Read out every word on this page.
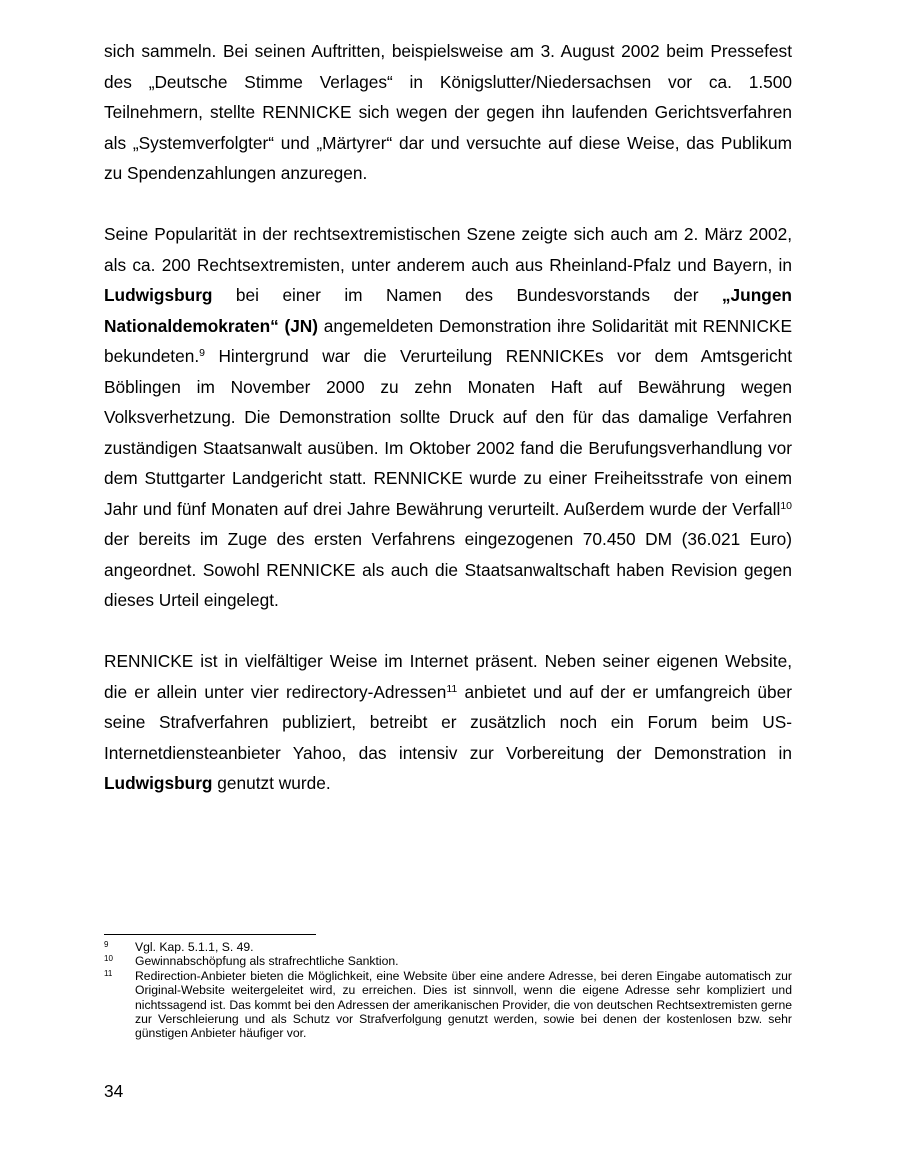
sich sammeln. Bei seinen Auftritten, beispielsweise am 3. August 2002 beim Pressefest des „Deutsche Stimme Verlages“ in Königslutter/Niedersachsen vor ca. 1.500 Teilnehmern, stellte RENNICKE sich wegen der gegen ihn laufenden Gerichtsverfahren als „Systemverfolgter“ und „Märtyrer“ dar und versuchte auf diese Weise, das Publikum zu Spendenzahlungen anzuregen.

Seine Popularität in der rechtsextremistischen Szene zeigte sich auch am 2. März 2002, als ca. 200 Rechtsextremisten, unter anderem auch aus Rheinland-Pfalz und Bayern, in Ludwigsburg bei einer im Namen des Bundesvorstands der „Jungen Nationaldemokraten“ (JN) angemeldeten Demonstration ihre Solidarität mit RENNICKE bekundeten.$^9$ Hintergrund war die Verurteilung RENNICKEs vor dem Amtsgericht Böblingen im November 2000 zu zehn Monaten Haft auf Bewährung wegen Volksverhetzung. Die Demonstration sollte Druck auf den für das damalige Verfahren zuständigen Staatsanwalt ausüben. Im Oktober 2002 fand die Berufungsverhandlung vor dem Stuttgarter Landgericht statt. RENNICKE wurde zu einer Freiheitsstrafe von einem Jahr und fünf Monaten auf drei Jahre Bewährung verurteilt. Außerdem wurde der Verfall$^{10}$ der bereits im Zuge des ersten Verfahrens eingezogenen 70.450 DM (36.021 Euro) angeordnet. Sowohl RENNICKE als auch die Staatsanwaltschaft haben Revision gegen dieses Urteil eingelegt.

RENNICKE ist in vielfältiger Weise im Internet präsent. Neben seiner eigenen Website, die er allein unter vier redirectory-Adressen$^{11}$ anbietet und auf der er umfangreich über seine Strafverfahren publiziert, betreibt er zusätzlich noch ein Forum beim US-Internetdiensteanbieter Yahoo, das intensiv zur Vorbereitung der Demonstration in Ludwigsburg genutzt wurde.

9	Vgl. Kap. 5.1.1, S. 49.
10	Gewinnabschöpfung als strafrechtliche Sanktion.
11	Redirection-Anbieter bieten die Möglichkeit, eine Website über eine andere Adresse, bei deren Eingabe automatisch zur Original-Website weitergeleitet wird, zu erreichen. Dies ist sinnvoll, wenn die eigene Adresse sehr kompliziert und nichtssagend ist. Das kommt bei den Adressen der amerikanischen Provider, die von deutschen Rechtsextremisten gerne zur Verschleierung und als Schutz vor Strafverfolgung genutzt werden, sowie bei denen der kostenlosen bzw. sehr günstigen Anbieter häufiger vor.
34
